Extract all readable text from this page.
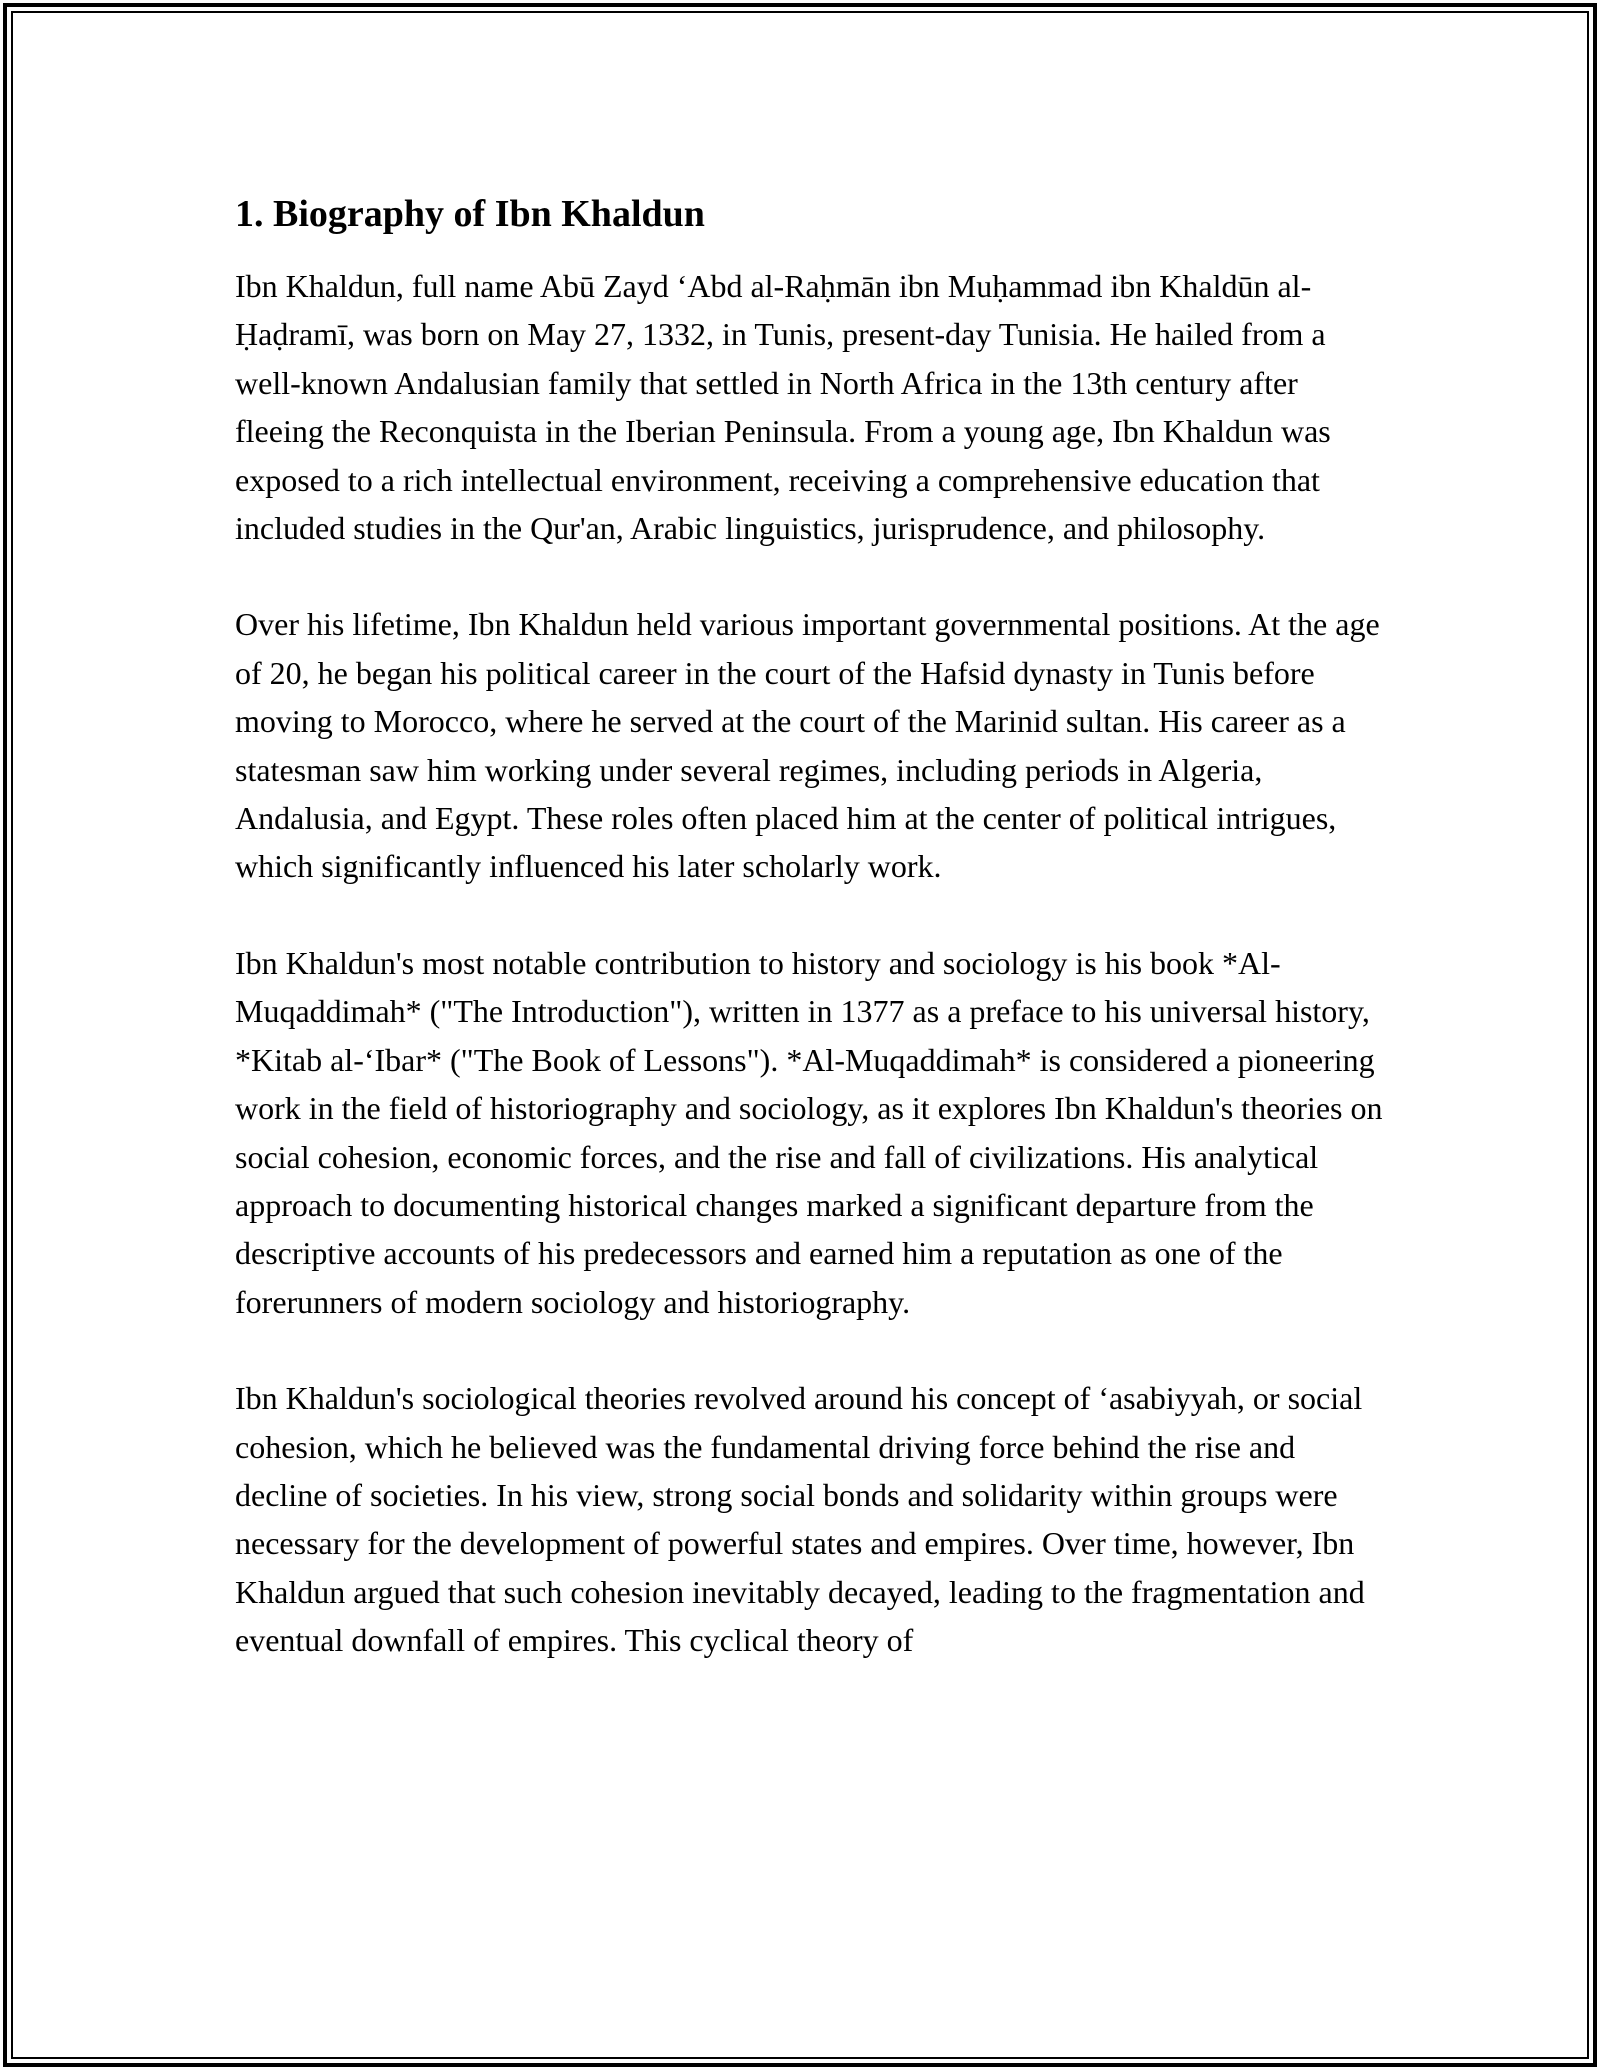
1. Biography of Ibn Khaldun

Ibn Khaldun, full name Abū Zayd ‘Abd al-Raḥmān ibn Muḥammad ibn Khaldūn al-Ḥaḍramī, was born on May 27, 1332, in Tunis, present-day Tunisia. He hailed from a well-known Andalusian family that settled in North Africa in the 13th century after fleeing the Reconquista in the Iberian Peninsula. From a young age, Ibn Khaldun was exposed to a rich intellectual environment, receiving a comprehensive education that included studies in the Qur'an, Arabic linguistics, jurisprudence, and philosophy.

Over his lifetime, Ibn Khaldun held various important governmental positions. At the age of 20, he began his political career in the court of the Hafsid dynasty in Tunis before moving to Morocco, where he served at the court of the Marinid sultan. His career as a statesman saw him working under several regimes, including periods in Algeria, Andalusia, and Egypt. These roles often placed him at the center of political intrigues, which significantly influenced his later scholarly work.

Ibn Khaldun's most notable contribution to history and sociology is his book *Al-Muqaddimah* ("The Introduction"), written in 1377 as a preface to his universal history, *Kitab al-‘Ibar* ("The Book of Lessons"). *Al-Muqaddimah* is considered a pioneering work in the field of historiography and sociology, as it explores Ibn Khaldun's theories on social cohesion, economic forces, and the rise and fall of civilizations. His analytical approach to documenting historical changes marked a significant departure from the descriptive accounts of his predecessors and earned him a reputation as one of the forerunners of modern sociology and historiography.

Ibn Khaldun's sociological theories revolved around his concept of ‘asabiyyah, or social cohesion, which he believed was the fundamental driving force behind the rise and decline of societies. In his view, strong social bonds and solidarity within groups were necessary for the development of powerful states and empires. Over time, however, Ibn Khaldun argued that such cohesion inevitably decayed, leading to the fragmentation and eventual downfall of empires. This cyclical theory of
